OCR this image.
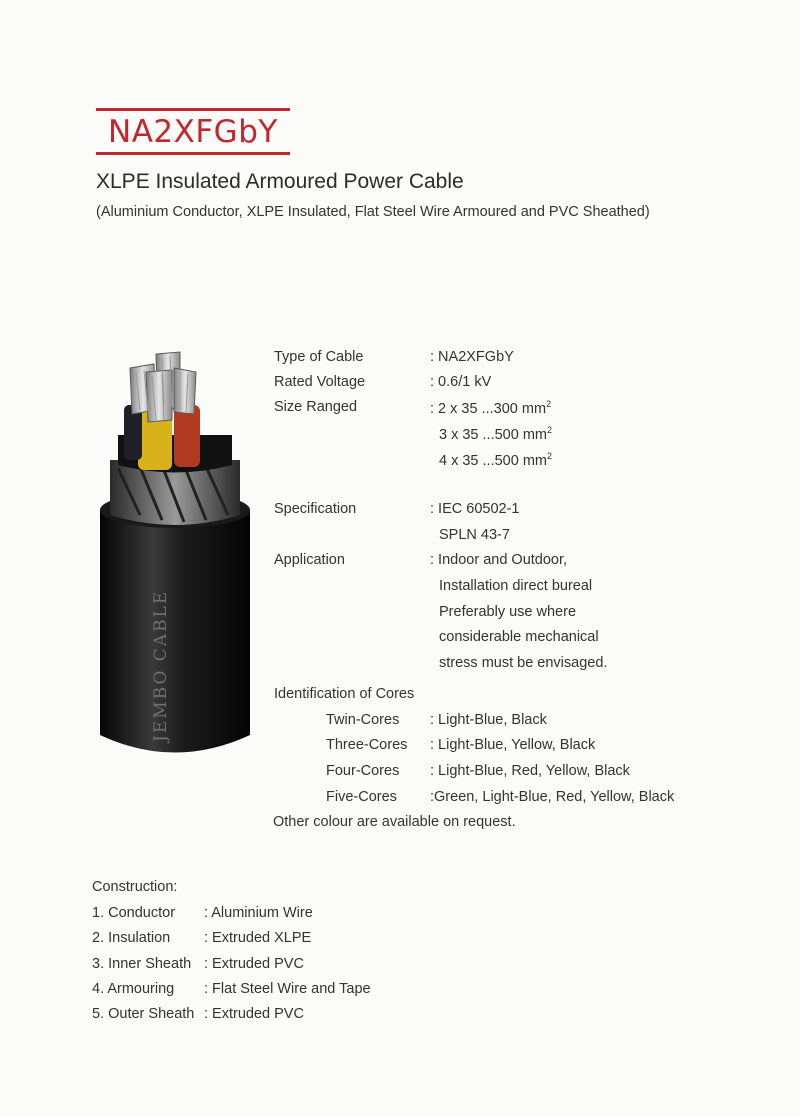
NA2XFGbY
XLPE Insulated Armoured Power Cable
(Aluminium Conductor, XLPE Insulated, Flat Steel Wire Armoured and PVC Sheathed)
JEMBO CABLE
Type of Cable	: NA2XFGbY
Rated Voltage	: 0.6/1 kV
Size Ranged	: 2 x 35 ...300 $mm^2$
3 x 35 ...500 $mm^2$
4 x 35 ...500 $mm^2$
Specification	: IEC 60502-1
SPLN 43-7
Application	: Indoor and Outdoor,
Installation direct bureal
Preferably use where
considerable mechanical
stress must be envisaged.
Identification of Cores
Twin-Cores : Light-Blue, Black
Three-Cores : Light-Blue, Yellow, Black
Four-Cores : Light-Blue, Red, Yellow, Black
Five-Cores :Green, Light-Blue, Red, Yellow, Black
Other colour are available on request.
Construction:
1. Conductor : Aluminium Wire
2. Insulation : Extruded XLPE
3. Inner Sheath : Extruded PVC
4. Armouring : Flat Steel Wire and Tape
5. Outer Sheath : Extruded PVC
